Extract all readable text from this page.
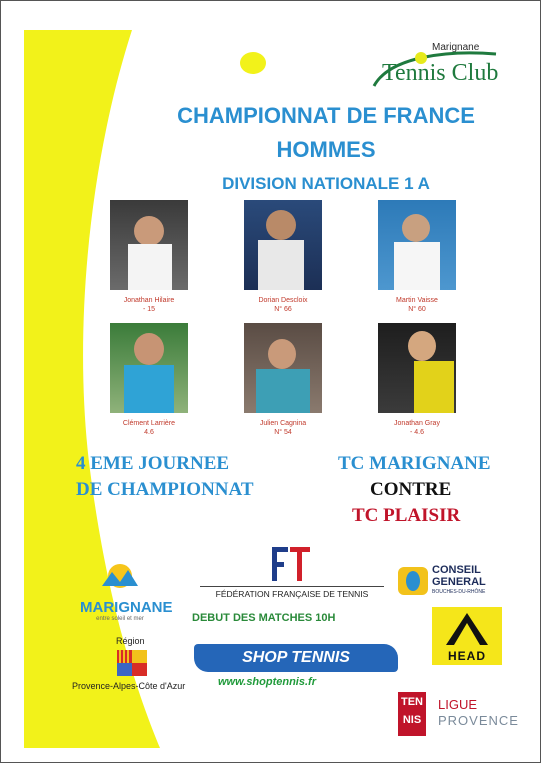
Marignane
Tennis Club
CHAMPIONNAT DE FRANCE
HOMMES
DIVISION NATIONALE 1 A
Jonathan Hilaire
- 15
Dorian Descloix
N° 66
Martin Vaisse
N° 60
Clément Larrière
4.6
Julien Cagnina
N° 54
Jonathan Gray
- 4.6
4 EME JOURNEE
DE CHAMPIONNAT
TC MARIGNANE
CONTRE
TC PLAISIR
FÉDÉRATION FRANÇAISE DE TENNIS
DEBUT DES MATCHES 10H
MARIGNANE
entre soleil et mer
Région
Provence-Alpes-Côte d'Azur
SHOP TENNIS
www.shoptennis.fr
CONSEIL
GENERAL
BOUCHES-DU-RHÔNE
HEAD
TEN
NIS
LIGUE
PROVENCE
